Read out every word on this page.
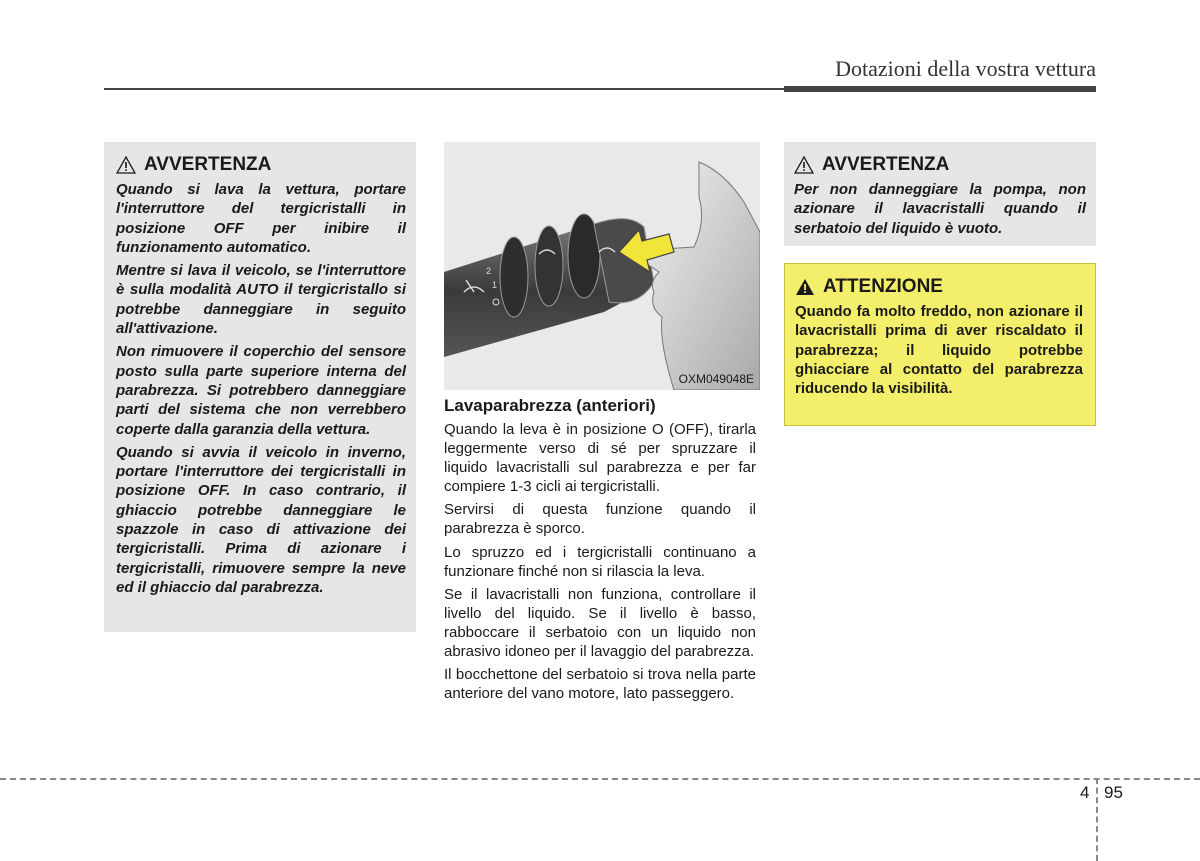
Dotazioni della vostra vettura
AVVERTENZA

Quando si lava la vettura, portare l'interruttore del tergicristalli in posizione OFF per inibire il funzionamento automatico.

Mentre si lava il veicolo, se l'interruttore è sulla modalità AUTO il tergicristallo si potrebbe danneggiare in seguito all'attivazione.

Non rimuovere il coperchio del sensore posto sulla parte superiore interna del parabrezza. Si potrebbero danneggiare parti del sistema che non verrebbero coperte dalla garanzia della vettura.

Quando si avvia il veicolo in inverno, portare l'interruttore dei tergicristalli in posizione OFF. In caso contrario, il ghiaccio potrebbe danneggiare le spazzole in caso di attivazione dei tergicristalli. Prima di azionare i tergicristalli, rimuovere sempre la neve ed il ghiaccio dal parabrezza.

2
1
OXM049048E
Lavaparabrezza (anteriori)

Quando la leva è in posizione O (OFF), tirarla leggermente verso di sé per spruzzare il liquido lavacristalli sul parabrezza e per far compiere 1-3 cicli ai tergicristalli.

Servirsi di questa funzione quando il parabrezza è sporco.

Lo spruzzo ed i tergicristalli continuano a funzionare finché non si rilascia la leva.

Se il lavacristalli non funziona, controllare il livello del liquido. Se il livello è basso, rabboccare il serbatoio con un liquido non abrasivo idoneo per il lavaggio del parabrezza.

Il bocchettone del serbatoio si trova nella parte anteriore del vano motore, lato passeggero.

AVVERTENZA

Per non danneggiare la pompa, non azionare il lavacristalli quando il serbatoio del liquido è vuoto.

ATTENZIONE

Quando fa molto freddo, non azionare il lavacristalli prima di aver riscaldato il parabrezza; il liquido potrebbe ghiacciare al contatto del parabrezza riducendo la visibilità.

4 95
